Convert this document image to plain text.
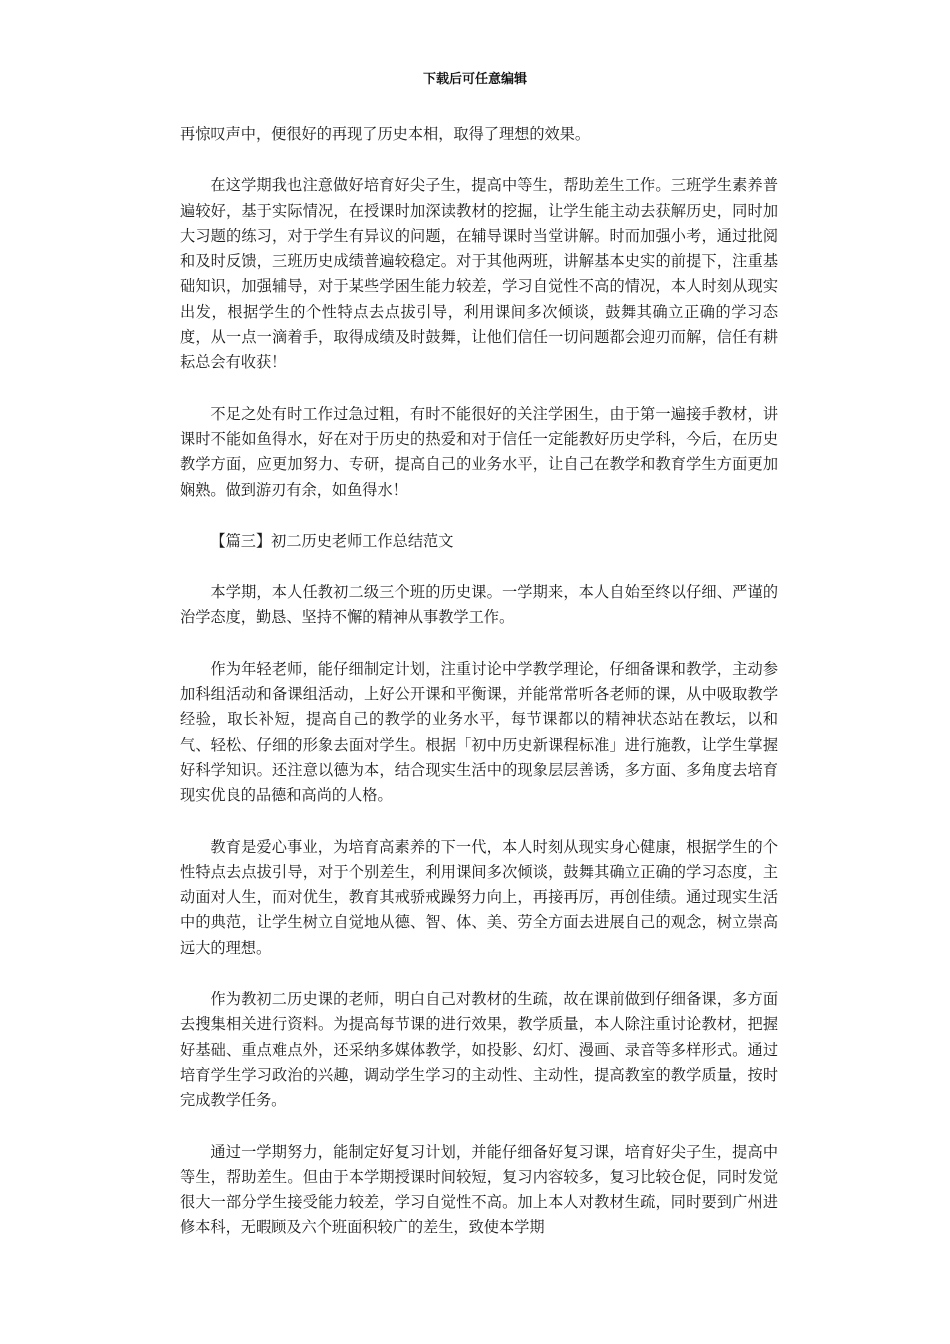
下载后可任意编辑

再惊叹声中，便很好的再现了历史本相，取得了理想的效果。

在这学期我也注意做好培育好尖子生，提高中等生，帮助差生工作。三班学生素养普遍较好，基于实际情况，在授课时加深读教材的挖掘，让学生能主动去获解历史，同时加大习题的练习，对于学生有异议的问题，在辅导课时当堂讲解。时而加强小考，通过批阅和及时反馈，三班历史成绩普遍较稳定。对于其他两班，讲解基本史实的前提下，注重基础知识，加强辅导，对于某些学困生能力较差，学习自觉性不高的情况，本人时刻从现实出发，根据学生的个性特点去点拔引导，利用课间多次倾谈，鼓舞其确立正确的学习态度，从一点一滴着手，取得成绩及时鼓舞，让他们信任一切问题都会迎刃而解，信任有耕耘总会有收获！

不足之处有时工作过急过粗，有时不能很好的关注学困生，由于第一遍接手教材，讲课时不能如鱼得水，好在对于历史的热爱和对于信任一定能教好历史学科，今后，在历史教学方面，应更加努力、专研，提高自己的业务水平，让自己在教学和教育学生方面更加娴熟。做到游刃有余，如鱼得水！

【篇三】初二历史老师工作总结范文

本学期，本人任教初二级三个班的历史课。一学期来，本人自始至终以仔细、严谨的治学态度，勤恳、坚持不懈的精神从事教学工作。

作为年轻老师，能仔细制定计划，注重讨论中学教学理论，仔细备课和教学，主动参加科组活动和备课组活动，上好公开课和平衡课，并能常常听各老师的课，从中吸取教学经验，取长补短，提高自己的教学的业务水平，每节课都以的精神状态站在教坛，以和气、轻松、仔细的形象去面对学生。根据「初中历史新课程标准」进行施教，让学生掌握好科学知识。还注意以德为本，结合现实生活中的现象层层善诱，多方面、多角度去培育现实优良的品德和高尚的人格。

教育是爱心事业，为培育高素养的下一代，本人时刻从现实身心健康，根据学生的个性特点去点拔引导，对于个别差生，利用课间多次倾谈，鼓舞其确立正确的学习态度，主动面对人生，而对优生，教育其戒骄戒躁努力向上，再接再厉，再创佳绩。通过现实生活中的典范，让学生树立自觉地从德、智、体、美、劳全方面去进展自己的观念，树立崇高远大的理想。

作为教初二历史课的老师，明白自己对教材的生疏，故在课前做到仔细备课，多方面去搜集相关进行资料。为提高每节课的进行效果，教学质量，本人除注重讨论教材，把握好基础、重点难点外，还采纳多媒体教学，如投影、幻灯、漫画、录音等多样形式。通过培育学生学习政治的兴趣，调动学生学习的主动性、主动性，提高教室的教学质量，按时完成教学任务。

通过一学期努力，能制定好复习计划，并能仔细备好复习课，培育好尖子生，提高中等生，帮助差生。但由于本学期授课时间较短，复习内容较多，复习比较仓促，同时发觉很大一部分学生接受能力较差，学习自觉性不高。加上本人对教材生疏，同时要到广州进修本科，无暇顾及六个班面积较广的差生，致使本学期
